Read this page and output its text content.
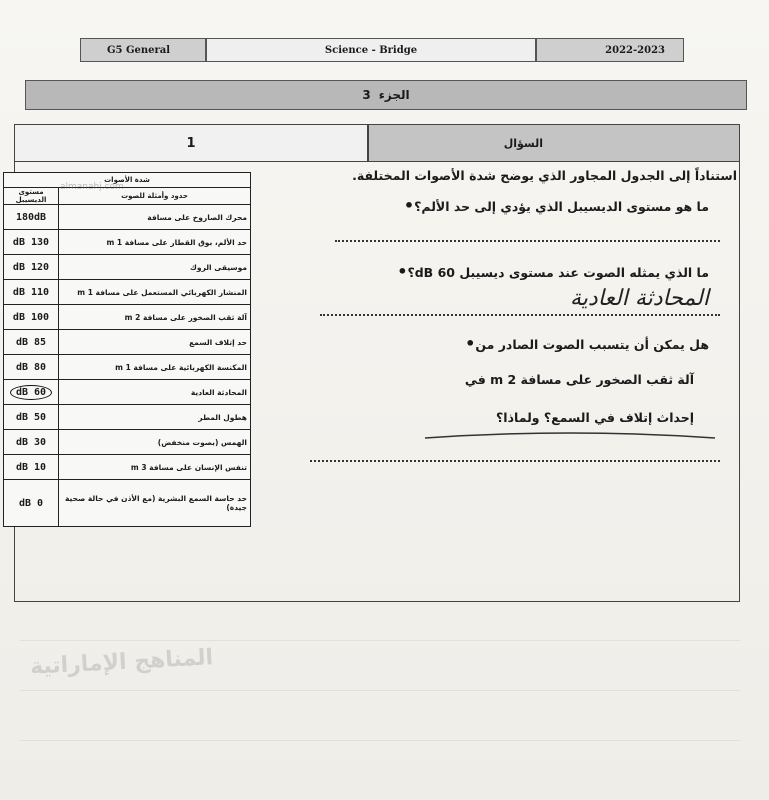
G5 General	Science - Bridge	2022-2023
3 الجزء
1	السؤال
شدة الأصوات	
حدود وأمثلة للصوت	مستوى الديسيبل
محرك الصاروخ على مسافة	180dB
حد الألم، بوق القطار على مسافة 1 m	130 dB
موسيقى الروك	120 dB
المنشار الكهربائي المستعمل على مسافة 1 m	110 dB
آلة ثقب الصخور على مسافة 2 m	100 dB
حد إتلاف السمع	85 dB
المكنسة الكهربائية على مسافة 1 m	80 dB
المحادثة العادية	60 dB
هطول المطر	50 dB
الهمس (بصوت منخفض)	30 dB
تنفس الإنسان على مسافة 3 m	10 dB
حد حاسة السمع البشرية (مع الأذن في حالة صحية جيدة)	0 dB
almanahj.com
استناداً إلى الجدول المجاور الذي يوضح شدة الأصوات المختلفة.
ما هو مستوى الديسيبل الذي يؤدي إلى حد الألم؟ •
ما الذي يمثله الصوت عند مستوى ديسيبل 60 dB؟ •
المحادثة العادية
هل يمكن أن يتسبب الصوت الصادر من •
آلة ثقب الصخور على مسافة 2 m في
إحداث إتلاف في السمع؟ ولماذا؟
المناهج الإماراتية
